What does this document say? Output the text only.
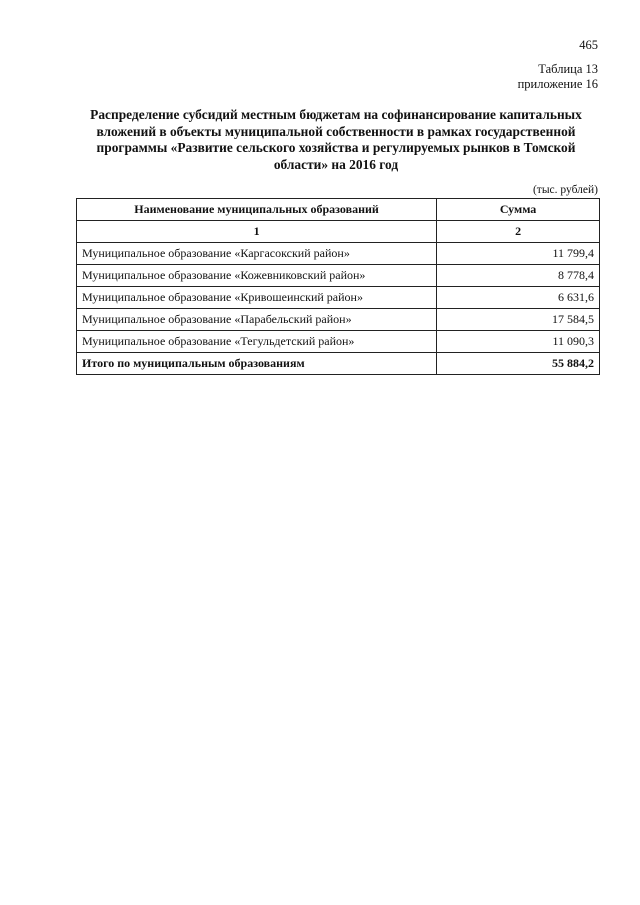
465
Таблица 13
приложение 16
Распределение субсидий местным бюджетам на софинансирование капитальных вложений в объекты муниципальной собственности в рамках государственной программы «Развитие сельского хозяйства и регулируемых рынков в Томской области» на 2016 год
(тыс. рублей)
Наименование муниципальных образований	Сумма
1	2
Муниципальное образование «Каргасокский район»	11 799,4
Муниципальное образование «Кожевниковский район»	8 778,4
Муниципальное образование «Кривошеинский район»	6 631,6
Муниципальное образование «Парабельский район»	17 584,5
Муниципальное образование «Тегульдетский район»	11 090,3
Итого по муниципальным образованиям	55 884,2
